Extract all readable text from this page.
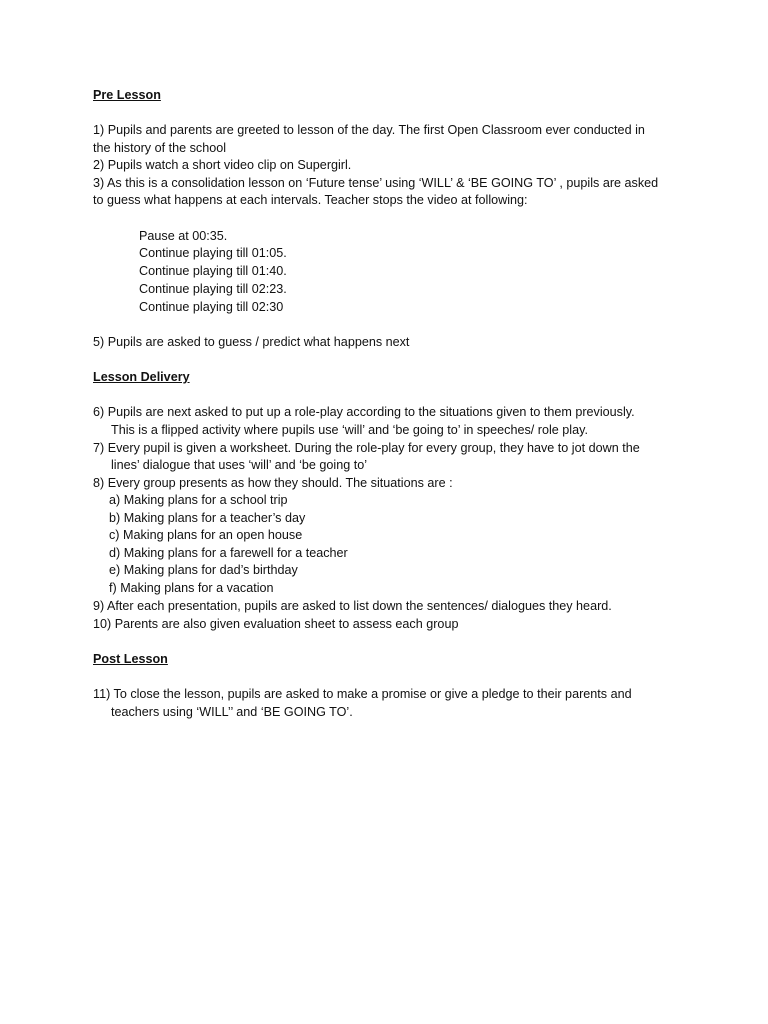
Pre Lesson
1) Pupils and parents are greeted to lesson of the day. The first Open Classroom ever conducted in
the history of the school
2) Pupils watch a short video clip on Supergirl.
3) As this is a consolidation lesson on ‘Future tense’ using ‘WILL’ & ‘BE GOING TO’ , pupils are asked
to guess what happens at each intervals. Teacher stops the video at following:
Pause at 00:35.
Continue playing till 01:05.
Continue playing till 01:40.
Continue playing till 02:23.
Continue playing till 02:30
5) Pupils are asked to guess / predict what happens next
Lesson Delivery
6) Pupils are next asked to put up a role-play according to the situations given to them previously.
This is a flipped activity where pupils use ‘will’ and ‘be going to’ in speeches/ role play.
7) Every pupil is given a worksheet. During the role-play for every group, they have to jot down the
lines’ dialogue that uses ‘will’ and ‘be going to’
8) Every group presents as how they should. The situations are :
a) Making plans for a school trip
b) Making plans for a teacher’s day
c) Making plans for an open house
d) Making plans for a farewell for a teacher
e) Making plans for dad’s birthday
f) Making plans for a vacation
9) After each presentation, pupils are asked to list down the sentences/ dialogues they heard.
10) Parents are also given evaluation sheet to assess each group
Post Lesson
11) To close the lesson, pupils are asked to make a promise or give a pledge to their parents and
teachers using ‘WILL’’ and ‘BE GOING TO’.
